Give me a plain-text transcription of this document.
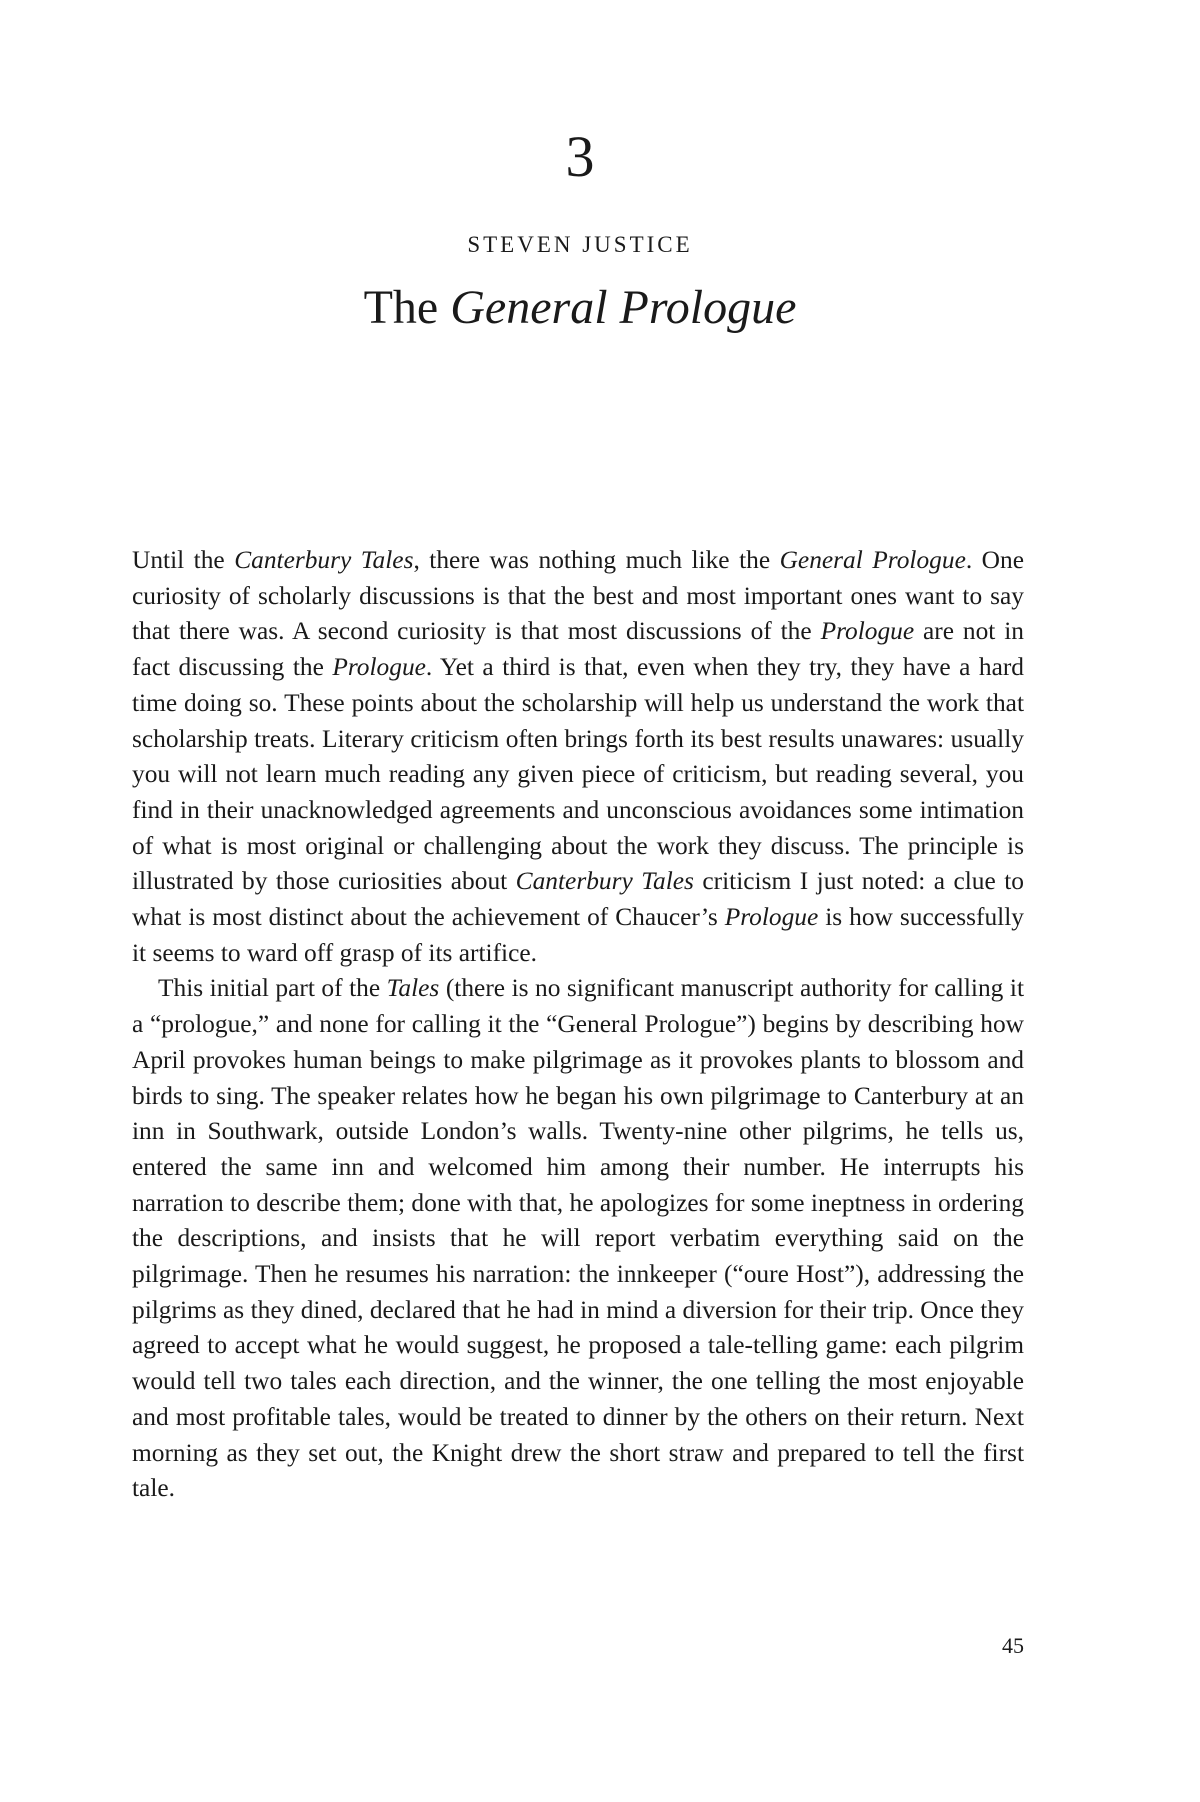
3
STEVEN JUSTICE
The General Prologue

Until the Canterbury Tales, there was nothing much like the General Prologue. One curiosity of scholarly discussions is that the best and most important ones want to say that there was. A second curiosity is that most discussions of the Prologue are not in fact discussing the Prologue. Yet a third is that, even when they try, they have a hard time doing so. These points about the scholarship will help us understand the work that scholarship treats. Literary criticism often brings forth its best results unawares: usually you will not learn much reading any given piece of criticism, but reading several, you find in their unacknowledged agreements and unconscious avoidances some intimation of what is most original or challenging about the work they discuss. The principle is illustrated by those curiosities about Canterbury Tales criticism I just noted: a clue to what is most distinct about the achievement of Chaucer’s Prologue is how successfully it seems to ward off grasp of its artifice.

This initial part of the Tales (there is no significant manuscript authority for calling it a “prologue,” and none for calling it the “General Prologue”) begins by describing how April provokes human beings to make pilgrimage as it provokes plants to blossom and birds to sing. The speaker relates how he began his own pilgrimage to Canterbury at an inn in Southwark, outside London’s walls. Twenty-nine other pilgrims, he tells us, entered the same inn and welcomed him among their number. He interrupts his narration to describe them; done with that, he apologizes for some ineptness in ordering the descriptions, and insists that he will report verbatim everything said on the pilgrimage. Then he resumes his narration: the innkeeper (“oure Host”), addressing the pilgrims as they dined, declared that he had in mind a diversion for their trip. Once they agreed to accept what he would suggest, he proposed a tale-telling game: each pilgrim would tell two tales each direction, and the winner, the one telling the most enjoyable and most profitable tales, would be treated to dinner by the others on their return. Next morning as they set out, the Knight drew the short straw and prepared to tell the first tale.

45
